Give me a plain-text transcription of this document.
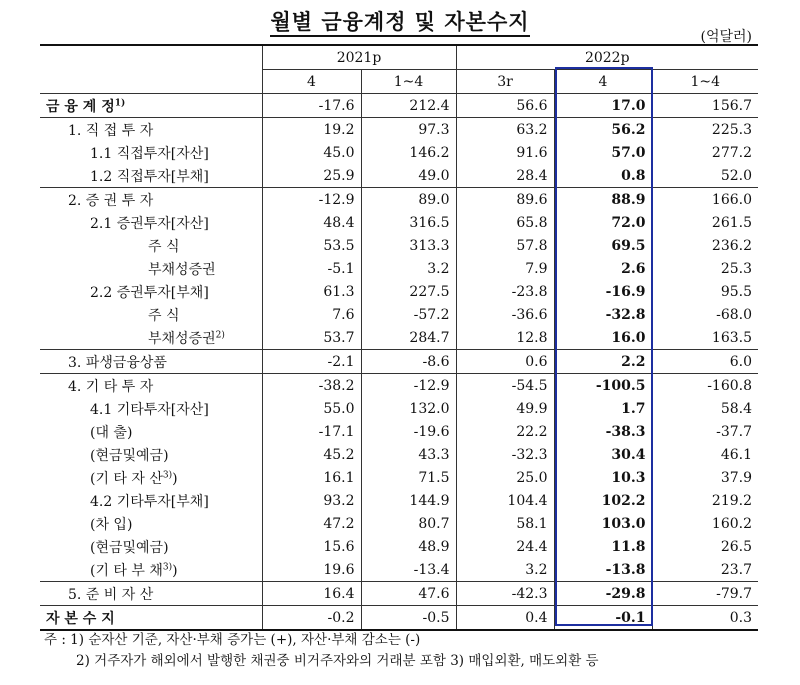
월별 금융계정 및 자본수지
(억달러)
	2021p		2022p		
	4	1~4	3r	4	1~4
금 융 계 정$^{1)}$	-17.6	212.4	56.6	17.0	156.7
1. 직 접 투 자	19.2	97.3	63.2	56.2	225.3
1.1 직접투자[자산]	45.0	146.2	91.6	57.0	277.2
1.2 직접투자[부채]	25.9	49.0	28.4	0.8	52.0
2. 증 권 투 자	-12.9	89.0	89.6	88.9	166.0
2.1 증권투자[자산]	48.4	316.5	65.8	72.0	261.5
주 식	53.5	313.3	57.8	69.5	236.2
부채성증권	-5.1	3.2	7.9	2.6	25.3
2.2 증권투자[부채]	61.3	227.5	-23.8	-16.9	95.5
주 식	7.6	-57.2	-36.6	-32.8	-68.0
부채성증권$^{2)}$	53.7	284.7	12.8	16.0	163.5
3. 파생금융상품	-2.1	-8.6	0.6	2.2	6.0
4. 기 타 투 자	-38.2	-12.9	-54.5	-100.5	-160.8
4.1 기타투자[자산]	55.0	132.0	49.9	1.7	58.4
(대 출)	-17.1	-19.6	22.2	-38.3	-37.7
(현금및예금)	45.2	43.3	-32.3	30.4	46.1
(기 타 자 산$^{3)}$)	16.1	71.5	25.0	10.3	37.9
4.2 기타투자[부채]	93.2	144.9	104.4	102.2	219.2
(차 입)	47.2	80.7	58.1	103.0	160.2
(현금및예금)	15.6	48.9	24.4	11.8	26.5
(기 타 부 채$^{3)}$)	19.6	-13.4	3.2	-13.8	23.7
5. 준 비 자 산	16.4	47.6	-42.3	-29.8	-79.7
자 본 수 지	-0.2	-0.5	0.4	-0.1	0.3
주 : 1) 순자산 기준, 자산·부채 증가는 (+), 자산·부채 감소는 (-)
2) 거주자가 해외에서 발행한 채권중 비거주자와의 거래분 포함 3) 매입외환, 매도외환 등
